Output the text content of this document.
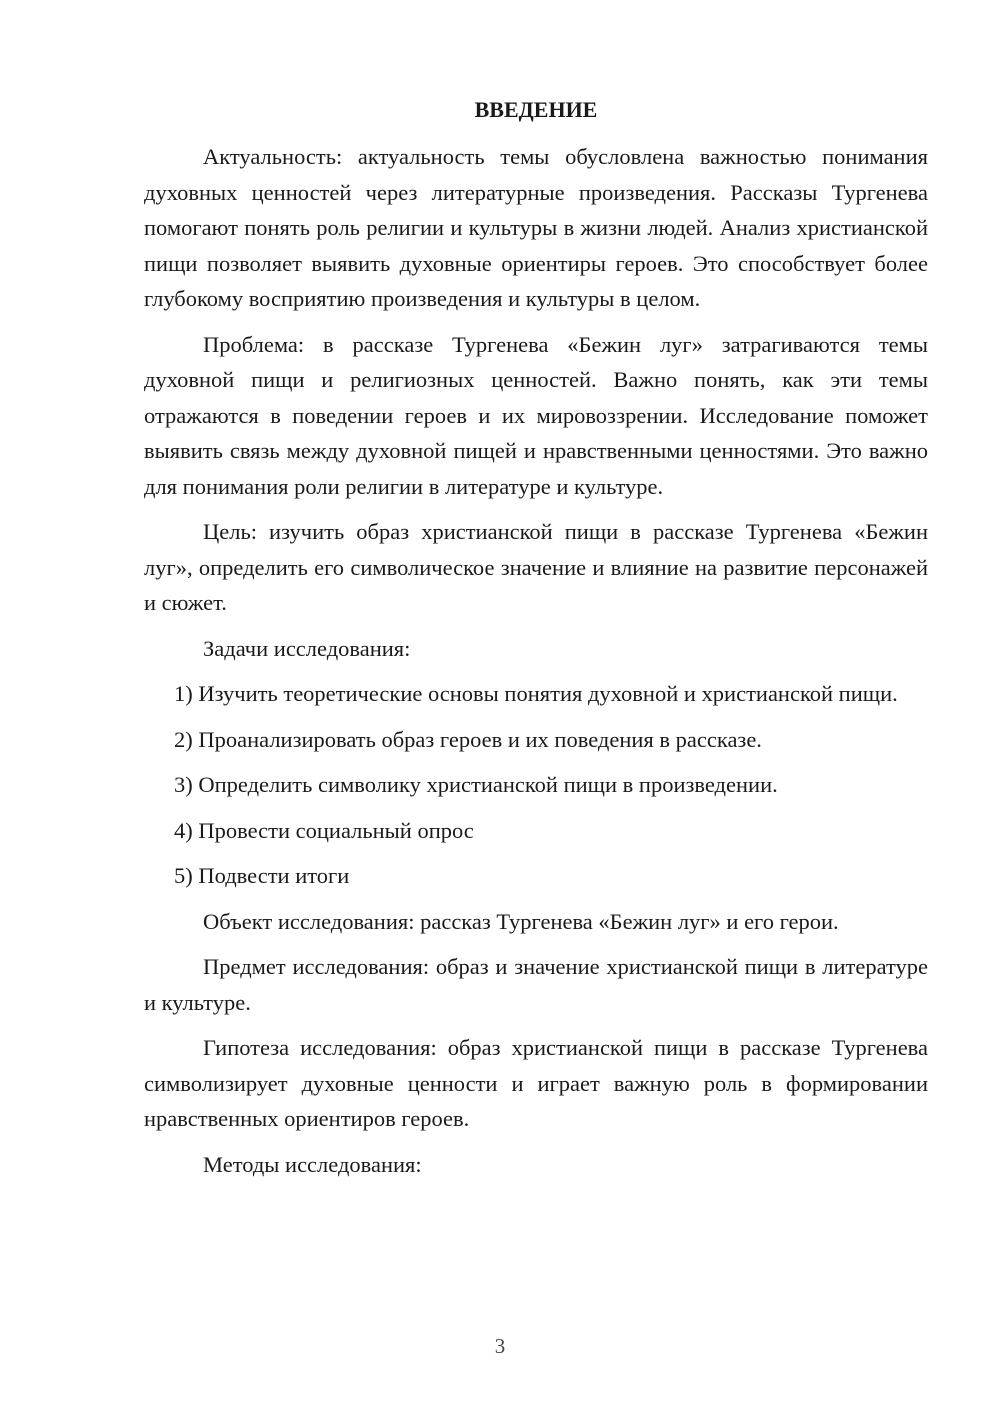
ВВЕДЕНИЕ

Актуальность: актуальность темы обусловлена важностью понимания духовных ценностей через литературные произведения. Рассказы Тургенева помогают понять роль религии и культуры в жизни людей. Анализ христианской пищи позволяет выявить духовные ориентиры героев. Это способствует более глубокому восприятию произведения и культуры в целом.

Проблема: в рассказе Тургенева «Бежин луг» затрагиваются темы духовной пищи и религиозных ценностей. Важно понять, как эти темы отражаются в поведении героев и их мировоззрении. Исследование поможет выявить связь между духовной пищей и нравственными ценностями. Это важно для понимания роли религии в литературе и культуре.

Цель: изучить образ христианской пищи в рассказе Тургенева «Бежин луг», определить его символическое значение и влияние на развитие персонажей и сюжет.

Задачи исследования:

1) Изучить теоретические основы понятия духовной и христианской пищи.

2) Проанализировать образ героев и их поведения в рассказе.

3) Определить символику христианской пищи в произведении.

4) Провести социальный опрос

5) Подвести итоги

Объект исследования: рассказ Тургенева «Бежин луг» и его герои.

Предмет исследования: образ и значение христианской пищи в литературе и культуре.

Гипотеза исследования: образ христианской пищи в рассказе Тургенева символизирует духовные ценности и играет важную роль в формировании нравственных ориентиров героев.

Методы исследования:

3
